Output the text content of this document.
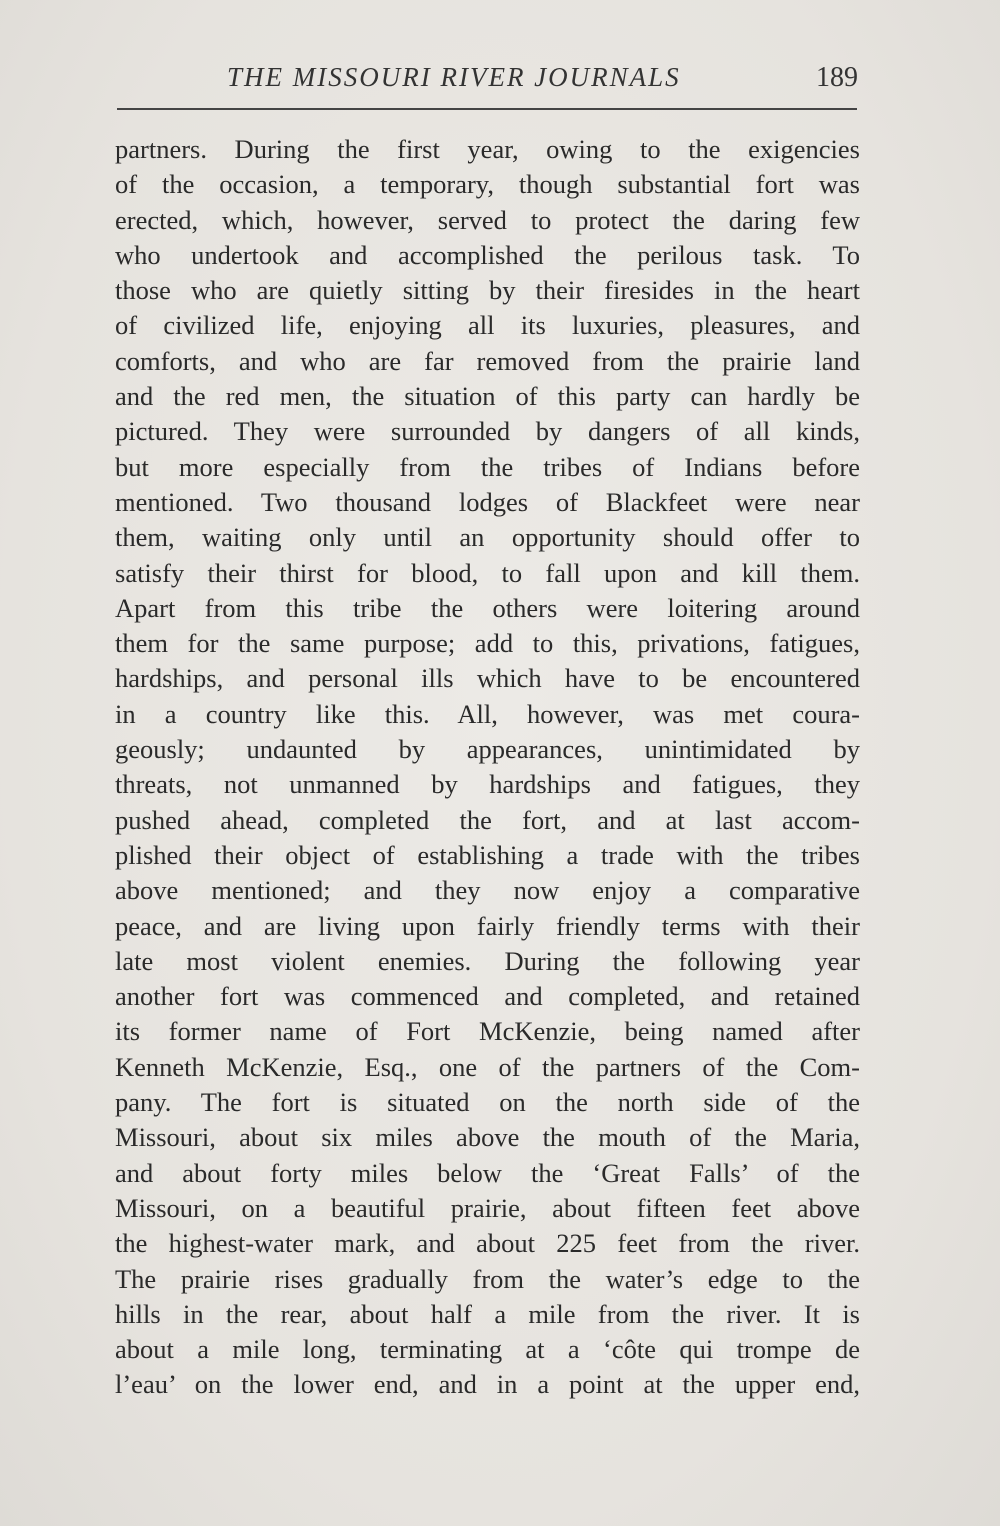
THE MISSOURI RIVER JOURNALS	189
partners. During the first year, owing to the exigencies
of the occasion, a temporary, though substantial fort was
erected, which, however, served to protect the daring few
who undertook and accomplished the perilous task. To
those who are quietly sitting by their firesides in the heart
of civilized life, enjoying all its luxuries, pleasures, and
comforts, and who are far removed from the prairie land
and the red men, the situation of this party can hardly be
pictured. They were surrounded by dangers of all kinds,
but more especially from the tribes of Indians before
mentioned. Two thousand lodges of Blackfeet were near
them, waiting only until an opportunity should offer to
satisfy their thirst for blood, to fall upon and kill them.
Apart from this tribe the others were loitering around
them for the same purpose; add to this, privations, fatigues,
hardships, and personal ills which have to be encountered
in a country like this. All, however, was met coura-
geously; undaunted by appearances, unintimidated by
threats, not unmanned by hardships and fatigues, they
pushed ahead, completed the fort, and at last accom-
plished their object of establishing a trade with the tribes
above mentioned; and they now enjoy a comparative
peace, and are living upon fairly friendly terms with their
late most violent enemies. During the following year
another fort was commenced and completed, and retained
its former name of Fort McKenzie, being named after
Kenneth McKenzie, Esq., one of the partners of the Com-
pany. The fort is situated on the north side of the
Missouri, about six miles above the mouth of the Maria,
and about forty miles below the ‘Great Falls’ of the
Missouri, on a beautiful prairie, about fifteen feet above
the highest-water mark, and about 225 feet from the river.
The prairie rises gradually from the water’s edge to the
hills in the rear, about half a mile from the river. It is
about a mile long, terminating at a ‘côte qui trompe de
l’eau’ on the lower end, and in a point at the upper end,
